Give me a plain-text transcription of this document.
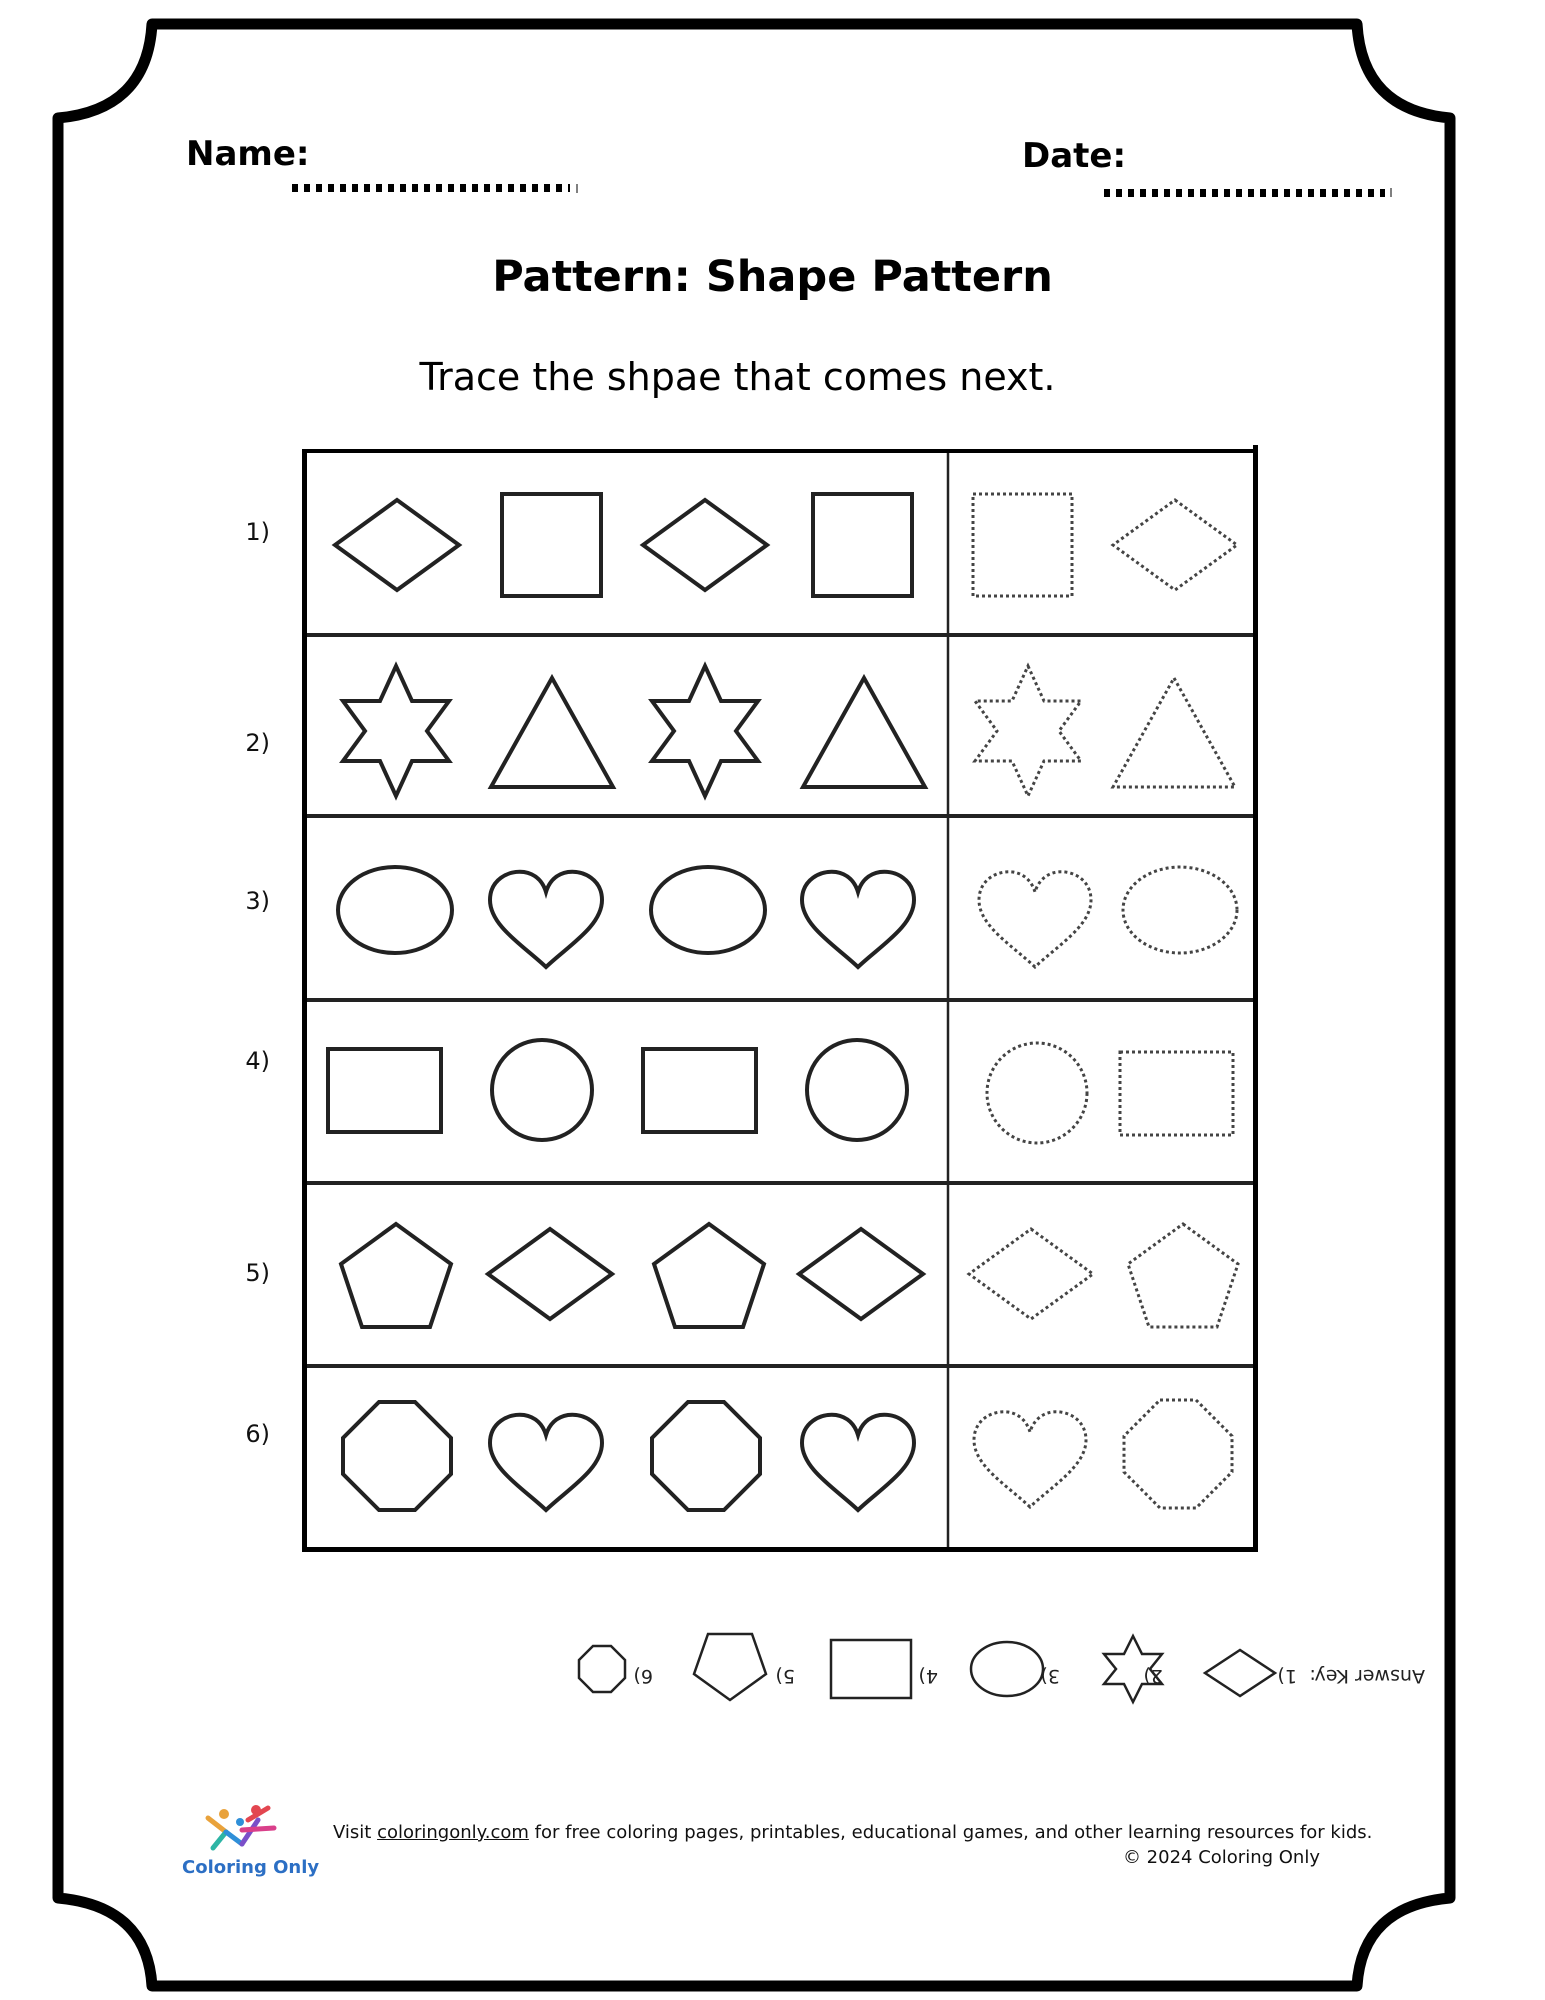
Name:	Date:
Pattern: Shape Pattern
Trace the shpae that comes next.
1)
2)
3)
4)
5)
6)
Answer Key:
1)
2)
3)
4)
5)
6)
Coloring Only
Visit coloringonly.com for free coloring pages, printables, educational games, and other learning resources for kids.
© 2024 Coloring Only
